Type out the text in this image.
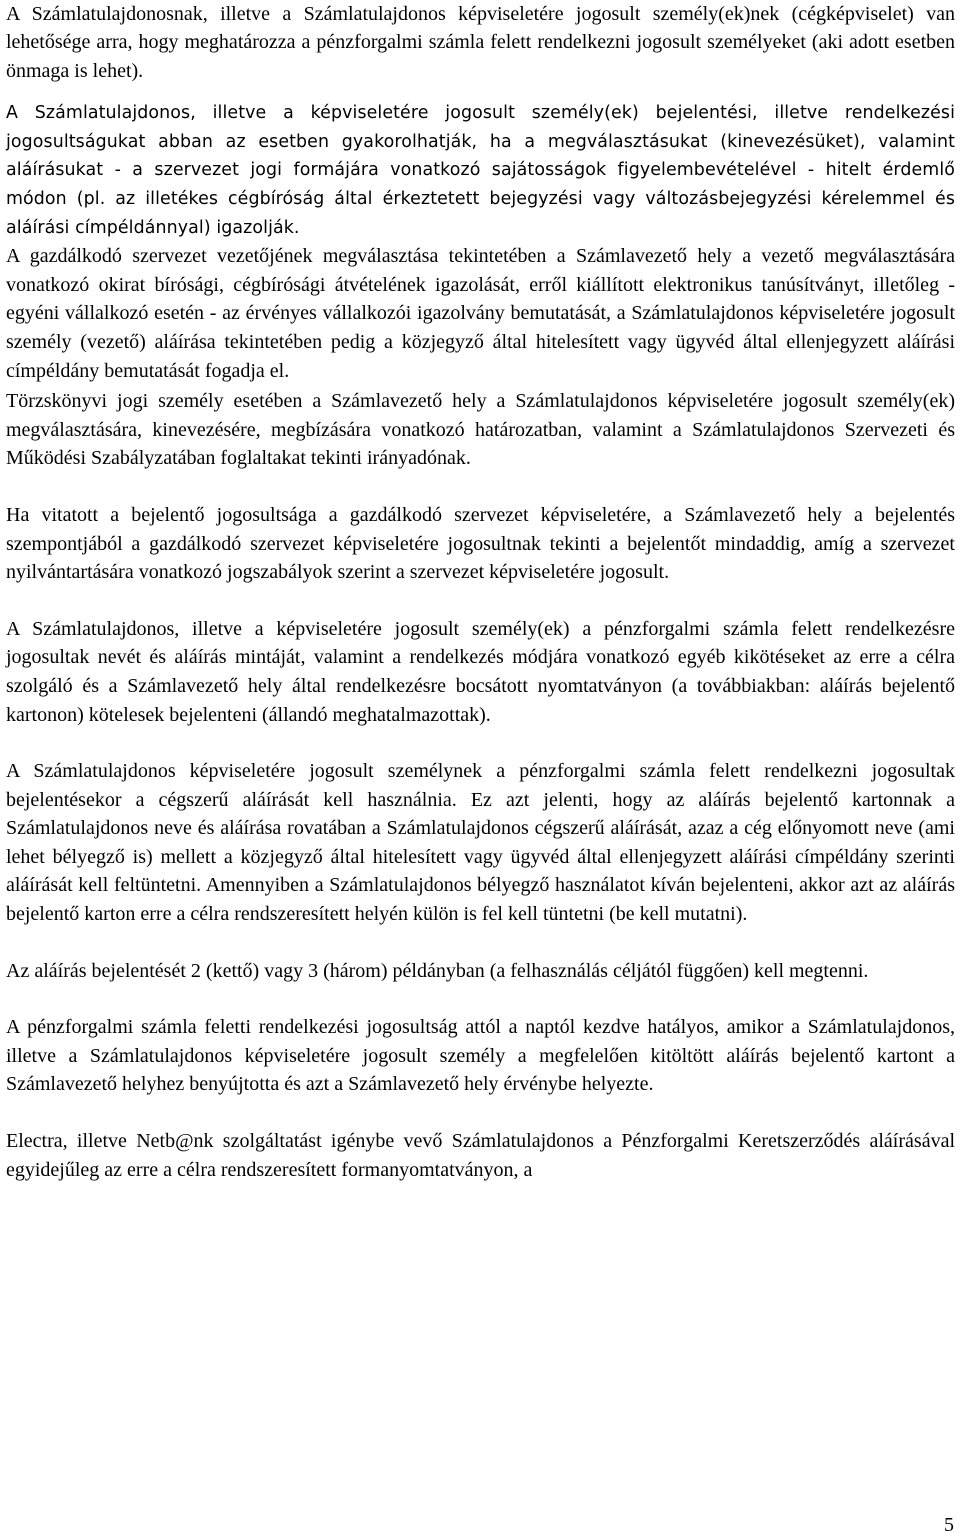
A Számlatulajdonosnak, illetve a Számlatulajdonos képviseletére jogosult személy(ek)nek (cégképviselet) van lehetősége arra, hogy meghatározza a pénzforgalmi számla felett rendelkezni jogosult személyeket (aki adott esetben önmaga is lehet).

A Számlatulajdonos, illetve a képviseletére jogosult személy(ek) bejelentési, illetve rendelkezési jogosultságukat abban az esetben gyakorolhatják, ha a megválasztásukat (kinevezésüket), valamint aláírásukat - a szervezet jogi formájára vonatkozó sajátosságok figyelembevételével - hitelt érdemlő módon (pl. az illetékes cégbíróság által érkeztetett bejegyzési vagy változásbejegyzési kérelemmel és aláírási címpéldánnyal) igazolják.

A gazdálkodó szervezet vezetőjének megválasztása tekintetében a Számlavezető hely a vezető megválasztására vonatkozó okirat bírósági, cégbírósági átvételének igazolását, erről kiállított elektronikus tanúsítványt, illetőleg - egyéni vállalkozó esetén - az érvényes vállalkozói igazolvány bemutatását, a Számlatulajdonos képviseletére jogosult személy (vezető) aláírása tekintetében pedig a közjegyző által hitelesített vagy ügyvéd által ellenjegyzett aláírási címpéldány bemutatását fogadja el.

Törzskönyvi jogi személy esetében a Számlavezető hely a Számlatulajdonos képviseletére jogosult személy(ek) megválasztására, kinevezésére, megbízására vonatkozó határozatban, valamint a Számlatulajdonos Szervezeti és Működési Szabályzatában foglaltakat tekinti irányadónak.

Ha vitatott a bejelentő jogosultsága a gazdálkodó szervezet képviseletére, a Számlavezető hely a bejelentés szempontjából a gazdálkodó szervezet képviseletére jogosultnak tekinti a bejelentőt mindaddig, amíg a szervezet nyilvántartására vonatkozó jogszabályok szerint a szervezet képviseletére jogosult.

A Számlatulajdonos, illetve a képviseletére jogosult személy(ek) a pénzforgalmi számla felett rendelkezésre jogosultak nevét és aláírás mintáját, valamint a rendelkezés módjára vonatkozó egyéb kikötéseket az erre a célra szolgáló és a Számlavezető hely által rendelkezésre bocsátott nyomtatványon (a továbbiakban: aláírás bejelentő kartonon) kötelesek bejelenteni (állandó meghatalmazottak).

A Számlatulajdonos képviseletére jogosult személynek a pénzforgalmi számla felett rendelkezni jogosultak bejelentésekor a cégszerű aláírását kell használnia. Ez azt jelenti, hogy az aláírás bejelentő kartonnak a Számlatulajdonos neve és aláírása rovatában a Számlatulajdonos cégszerű aláírását, azaz a cég előnyomott neve (ami lehet bélyegző is) mellett a közjegyző által hitelesített vagy ügyvéd által ellenjegyzett aláírási címpéldány szerinti aláírását kell feltüntetni. Amennyiben a Számlatulajdonos bélyegző használatot kíván bejelenteni, akkor azt az aláírás bejelentő karton erre a célra rendszeresített helyén külön is fel kell tüntetni (be kell mutatni).

Az aláírás bejelentését 2 (kettő) vagy 3 (három) példányban (a felhasználás céljától függően) kell megtenni.

A pénzforgalmi számla feletti rendelkezési jogosultság attól a naptól kezdve hatályos, amikor a Számlatulajdonos, illetve a Számlatulajdonos képviseletére jogosult személy a megfelelően kitöltött aláírás bejelentő kartont a Számlavezető helyhez benyújtotta és azt a Számlavezető hely érvénybe helyezte.

Electra, illetve Netb@nk szolgáltatást igénybe vevő Számlatulajdonos a Pénzforgalmi Keretszerződés aláírásával egyidejűleg az erre a célra rendszeresített formanyomtatványon, a

5
